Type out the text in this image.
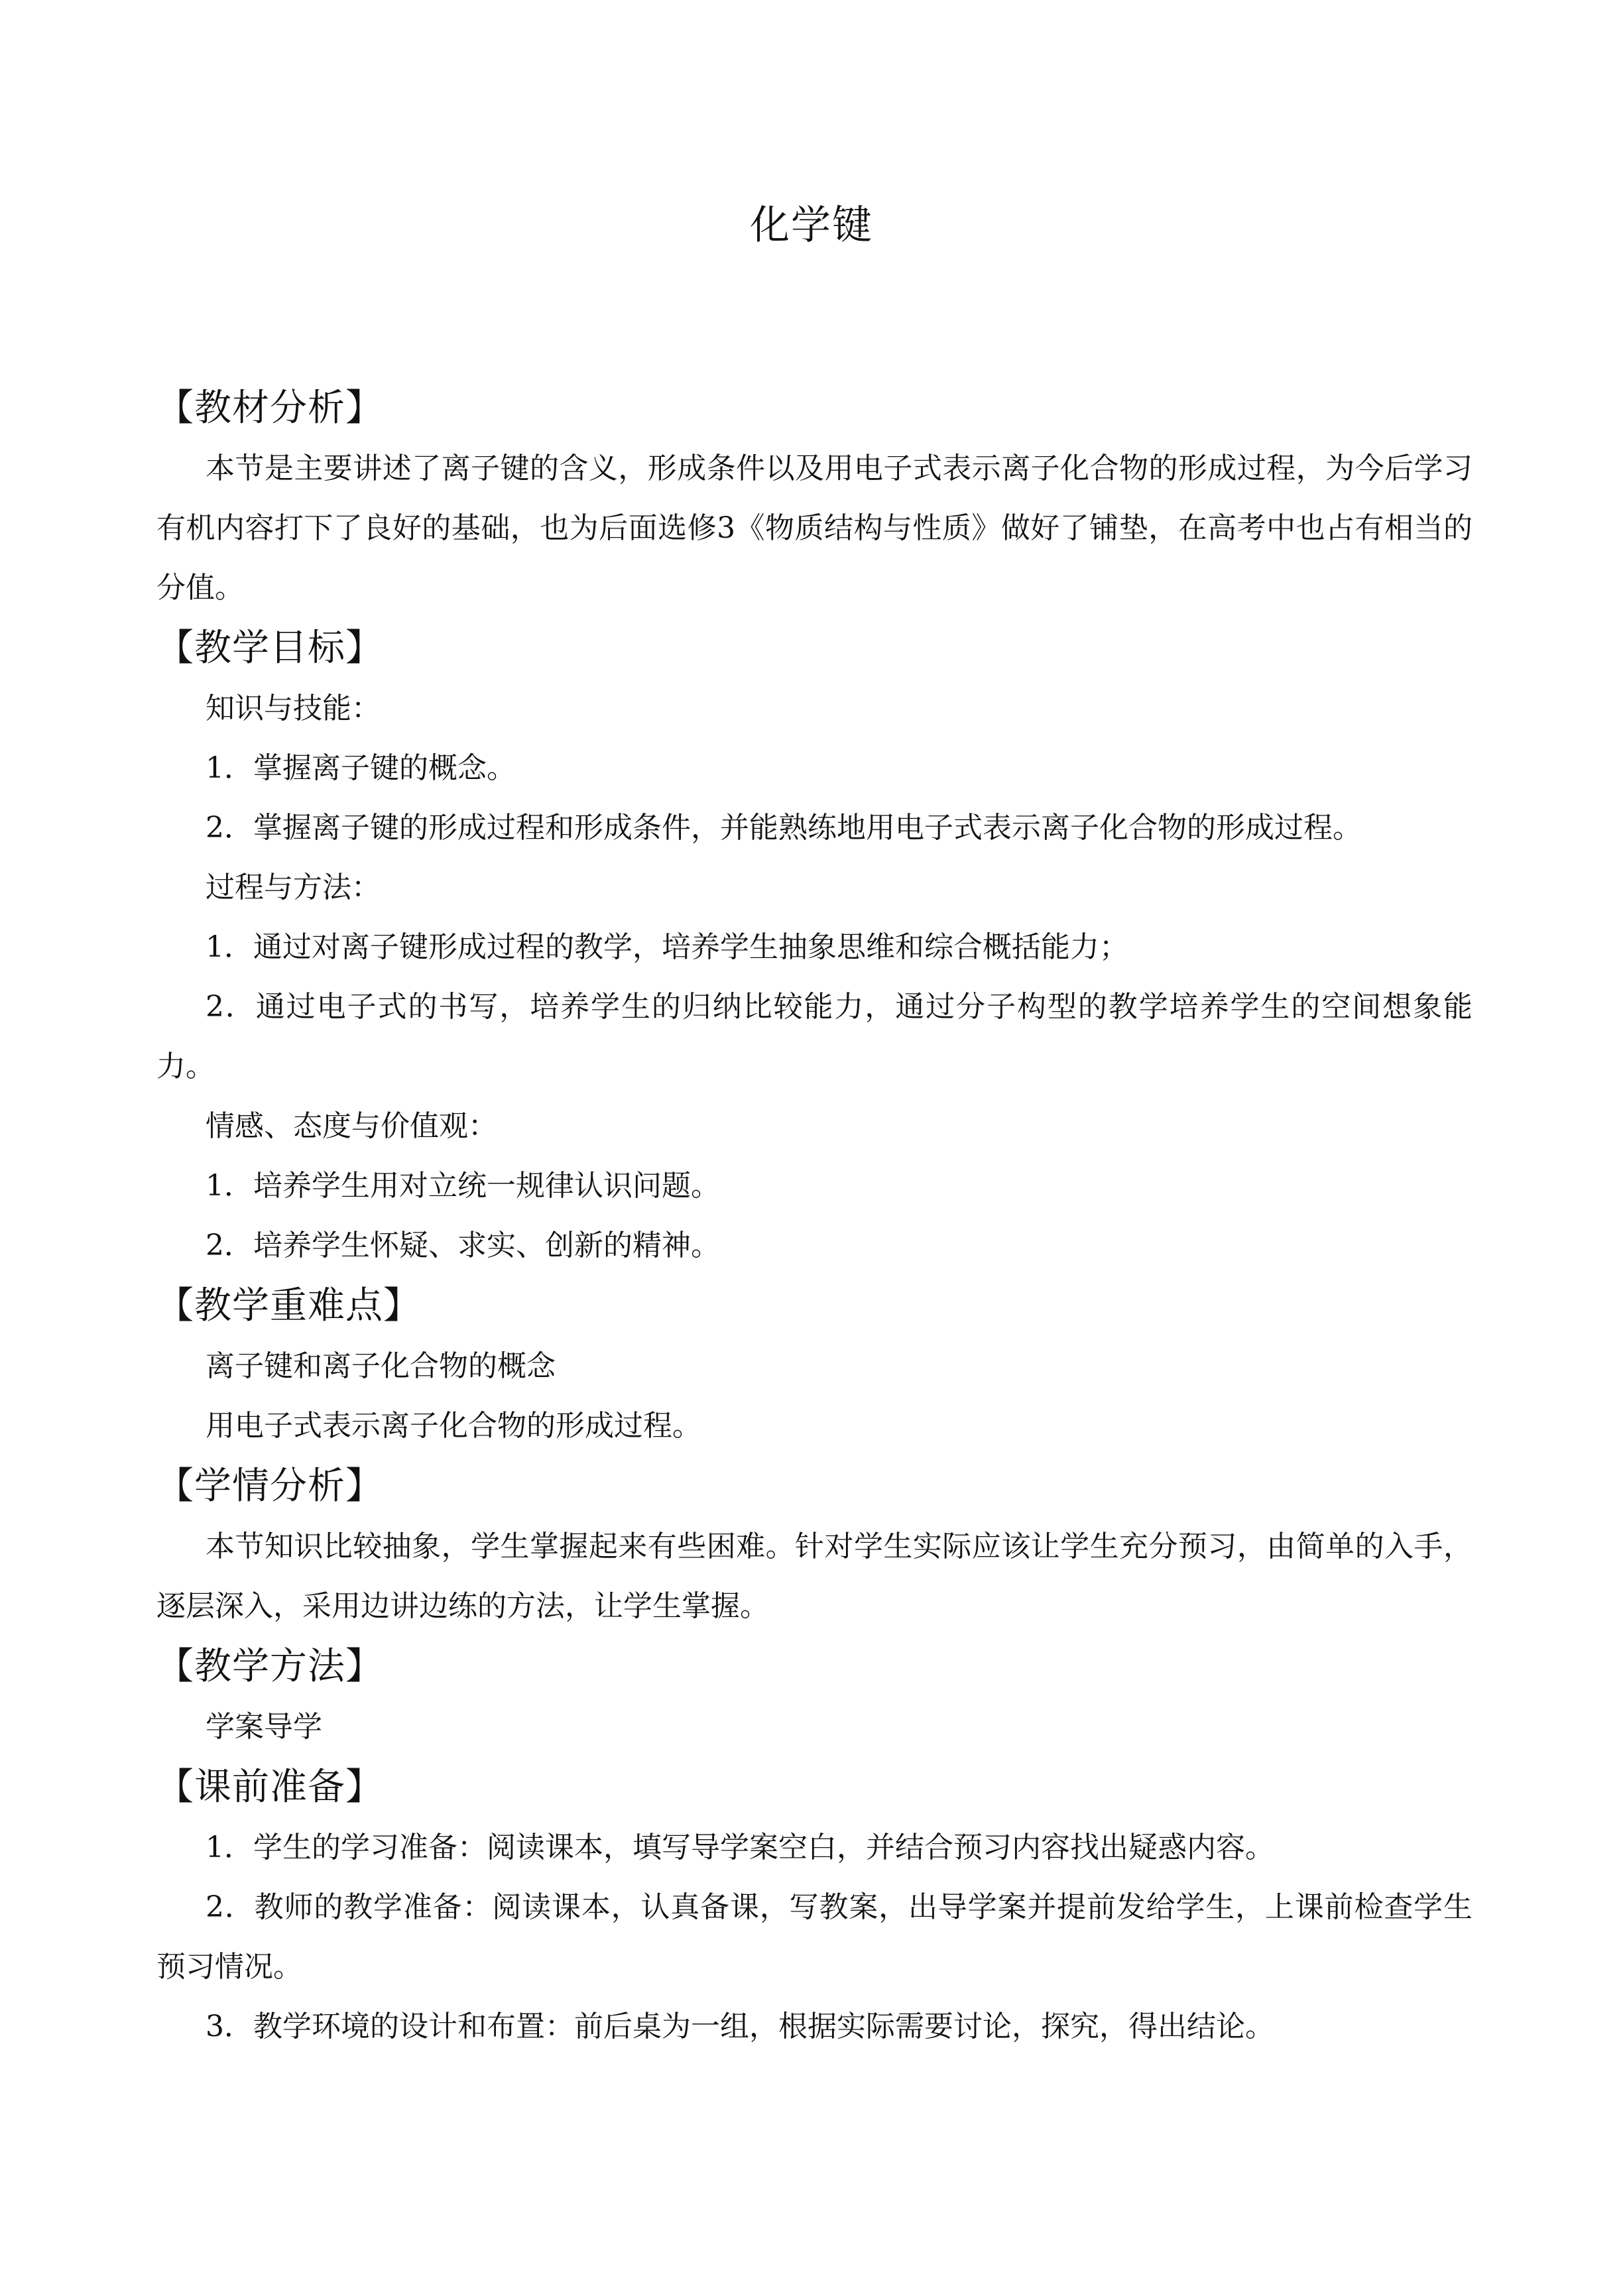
化学键
【教材分析】

本节是主要讲述了离子键的含义，形成条件以及用电子式表示离子化合物的形成过程，为今后学习有机内容打下了良好的基础，也为后面选修3《物质结构与性质》做好了铺垫，在高考中也占有相当的分值。

【教学目标】

知识与技能：

1．掌握离子键的概念。

2．掌握离子键的形成过程和形成条件，并能熟练地用电子式表示离子化合物的形成过程。

过程与方法：

1．通过对离子键形成过程的教学，培养学生抽象思维和综合概括能力；

2．通过电子式的书写，培养学生的归纳比较能力，通过分子构型的教学培养学生的空间想象能力。

情感、态度与价值观：

1．培养学生用对立统一规律认识问题。

2．培养学生怀疑、求实、创新的精神。

【教学重难点】

离子键和离子化合物的概念

用电子式表示离子化合物的形成过程。

【学情分析】

本节知识比较抽象，学生掌握起来有些困难。针对学生实际应该让学生充分预习，由简单的入手，逐层深入，采用边讲边练的方法，让学生掌握。

【教学方法】

学案导学

【课前准备】

1．学生的学习准备：阅读课本，填写导学案空白，并结合预习内容找出疑惑内容。

2．教师的教学准备：阅读课本，认真备课，写教案，出导学案并提前发给学生，上课前检查学生预习情况。

3．教学环境的设计和布置：前后桌为一组，根据实际需要讨论，探究，得出结论。
